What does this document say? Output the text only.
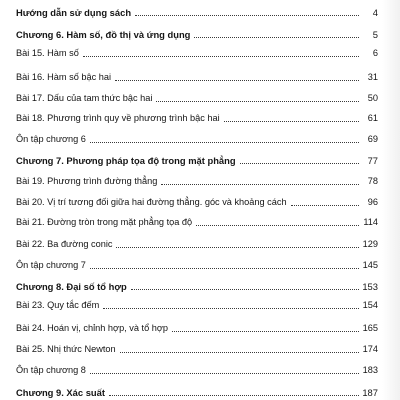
Hướng dẫn sử dụng sách	4
Chương 6. Hàm số, đồ thị và ứng dụng	5
Bài 15. Hàm số	6
Bài 16. Hàm số bậc hai	31
Bài 17. Dấu của tam thức bậc hai	50
Bài 18. Phương trình quy về phương trình bậc hai	61
Ôn tập chương 6	69
Chương 7. Phương pháp tọa độ trong mặt phẳng	77
Bài 19. Phương trình đường thẳng	78
Bài 20. Vị trí tương đối giữa hai đường thẳng. góc và khoảng cách	96
Bài 21. Đường tròn trong mặt phẳng tọa độ	114
Bài 22. Ba đường conic	129
Ôn tập chương 7	145
Chương 8. Đại số tổ hợp	153
Bài 23. Quy tắc đếm	154
Bài 24. Hoán vị, chỉnh hợp, và tổ hợp	165
Bài 25. Nhị thức Newton	174
Ôn tập chương 8	183
Chương 9. Xác suất	187
